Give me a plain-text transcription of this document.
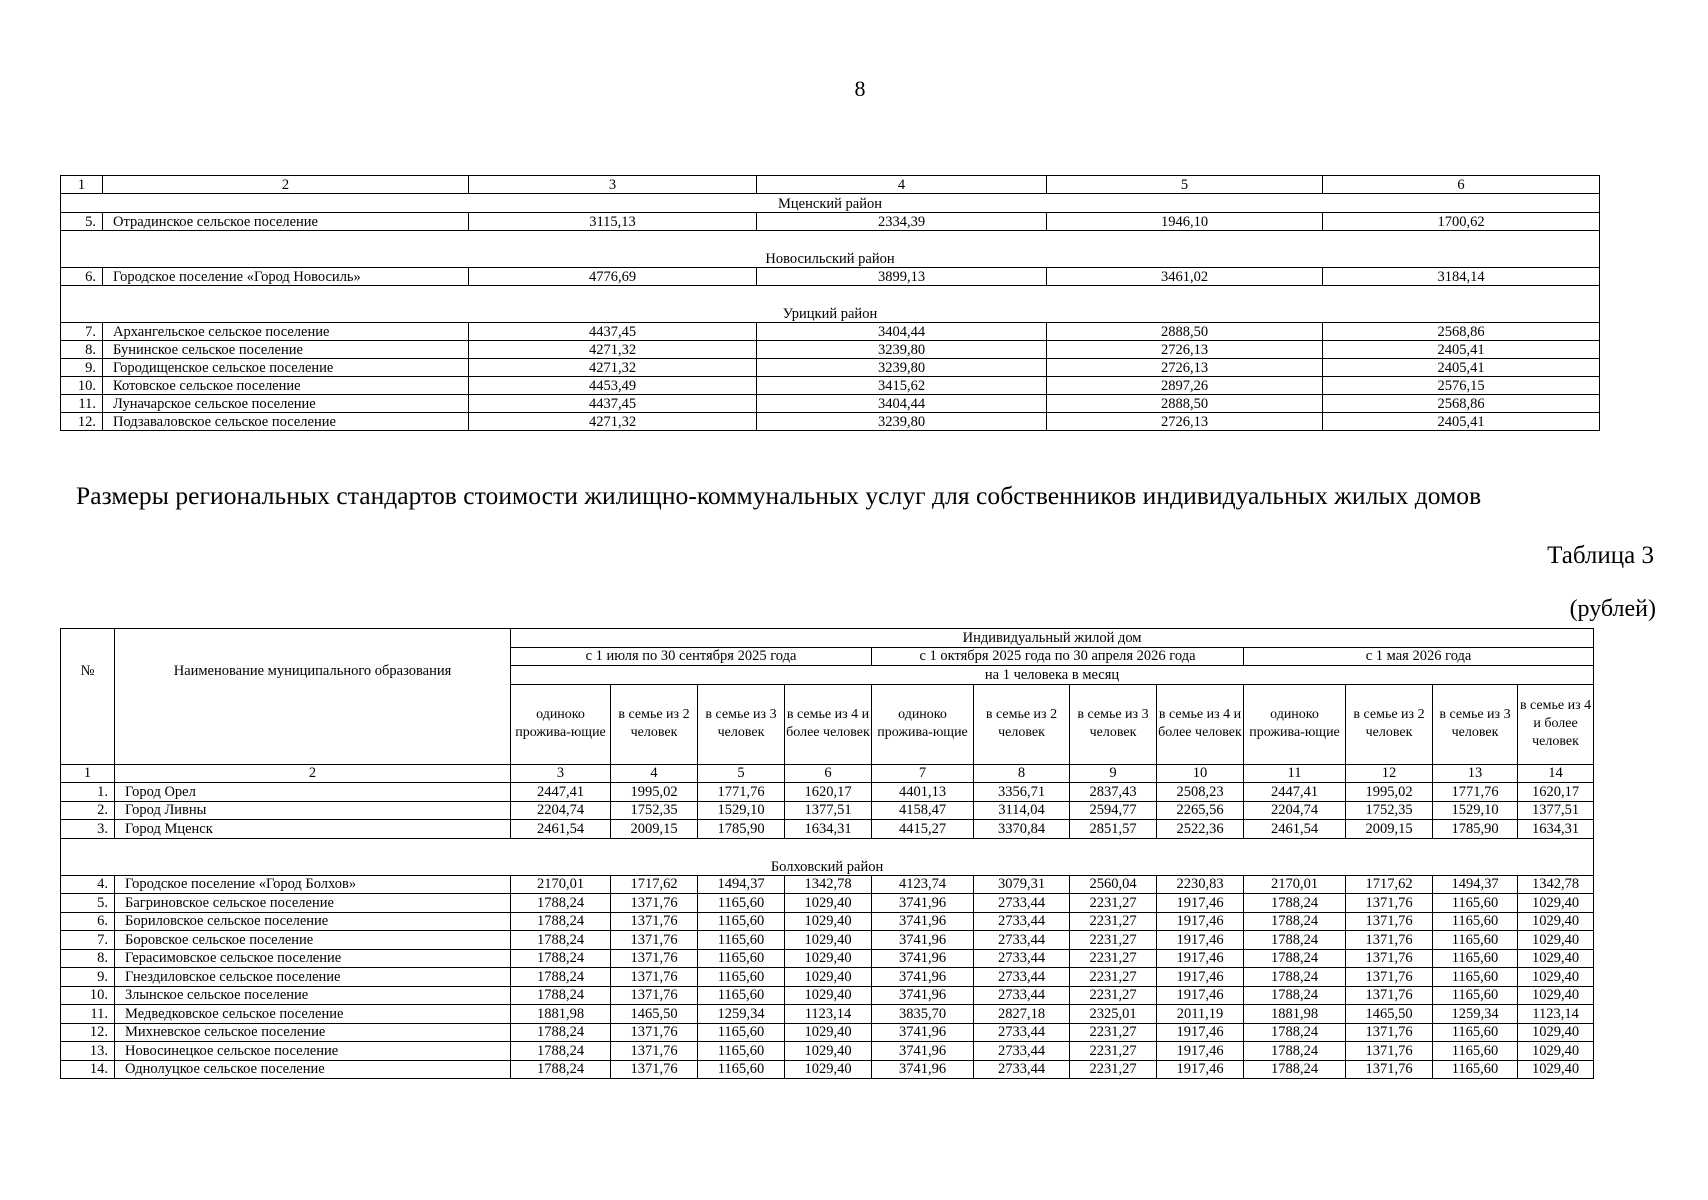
8
1	2	3	4	5	6
Мценский район					
5.	Отрадинское сельское поселение	3115,13	2334,39	1946,10	1700,62
Новосильский район					
6.	Городское поселение «Город Новосиль»	4776,69	3899,13	3461,02	3184,14
Урицкий район					
7.	Архангельское сельское поселение	4437,45	3404,44	2888,50	2568,86
8.	Бунинское сельское поселение	4271,32	3239,80	2726,13	2405,41
9.	Городищенское сельское поселение	4271,32	3239,80	2726,13	2405,41
10.	Котовское сельское поселение	4453,49	3415,62	2897,26	2576,15
11.	Луначарское сельское поселение	4437,45	3404,44	2888,50	2568,86
12.	Подзаваловское сельское поселение	4271,32	3239,80	2726,13	2405,41
Размеры региональных стандартов стоимости жилищно-коммунальных услуг для собственников индивидуальных жилых домов
Таблица 3
(рублей)
№	Наименование муниципального образования	Индивидуальный жилой дом											
		с 1 июля по 30 сентября 2025 года				с 1 октября 2025 года по 30 апреля 2026 года				с 1 мая 2026 года			
		на 1 человека в месяц											
		одиноко прожива-ющие	в семье из 2 человек	в семье из 3 человек	в семье из 4 и более человек	одиноко прожива-ющие	в семье из 2 человек	в семье из 3 человек	в семье из 4 и более человек	одиноко прожива-ющие	в семье из 2 человек	в семье из 3 человек	в семье из 4 и более человек
1	2	3	4	5	6	7	8	9	10	11	12	13	14
1.	Город Орел	2447,41	1995,02	1771,76	1620,17	4401,13	3356,71	2837,43	2508,23	2447,41	1995,02	1771,76	1620,17
2.	Город Ливны	2204,74	1752,35	1529,10	1377,51	4158,47	3114,04	2594,77	2265,56	2204,74	1752,35	1529,10	1377,51
3.	Город Мценск	2461,54	2009,15	1785,90	1634,31	4415,27	3370,84	2851,57	2522,36	2461,54	2009,15	1785,90	1634,31
Болховский район													
4.	Городское поселение «Город Болхов»	2170,01	1717,62	1494,37	1342,78	4123,74	3079,31	2560,04	2230,83	2170,01	1717,62	1494,37	1342,78
5.	Багриновское сельское поселение	1788,24	1371,76	1165,60	1029,40	3741,96	2733,44	2231,27	1917,46	1788,24	1371,76	1165,60	1029,40
6.	Бориловское сельское поселение	1788,24	1371,76	1165,60	1029,40	3741,96	2733,44	2231,27	1917,46	1788,24	1371,76	1165,60	1029,40
7.	Боровское сельское поселение	1788,24	1371,76	1165,60	1029,40	3741,96	2733,44	2231,27	1917,46	1788,24	1371,76	1165,60	1029,40
8.	Герасимовское сельское поселение	1788,24	1371,76	1165,60	1029,40	3741,96	2733,44	2231,27	1917,46	1788,24	1371,76	1165,60	1029,40
9.	Гнездиловское сельское поселение	1788,24	1371,76	1165,60	1029,40	3741,96	2733,44	2231,27	1917,46	1788,24	1371,76	1165,60	1029,40
10.	Злынское сельское поселение	1788,24	1371,76	1165,60	1029,40	3741,96	2733,44	2231,27	1917,46	1788,24	1371,76	1165,60	1029,40
11.	Медведковское сельское поселение	1881,98	1465,50	1259,34	1123,14	3835,70	2827,18	2325,01	2011,19	1881,98	1465,50	1259,34	1123,14
12.	Михневское сельское поселение	1788,24	1371,76	1165,60	1029,40	3741,96	2733,44	2231,27	1917,46	1788,24	1371,76	1165,60	1029,40
13.	Новосинецкое сельское поселение	1788,24	1371,76	1165,60	1029,40	3741,96	2733,44	2231,27	1917,46	1788,24	1371,76	1165,60	1029,40
14.	Однолуцкое сельское поселение	1788,24	1371,76	1165,60	1029,40	3741,96	2733,44	2231,27	1917,46	1788,24	1371,76	1165,60	1029,40
